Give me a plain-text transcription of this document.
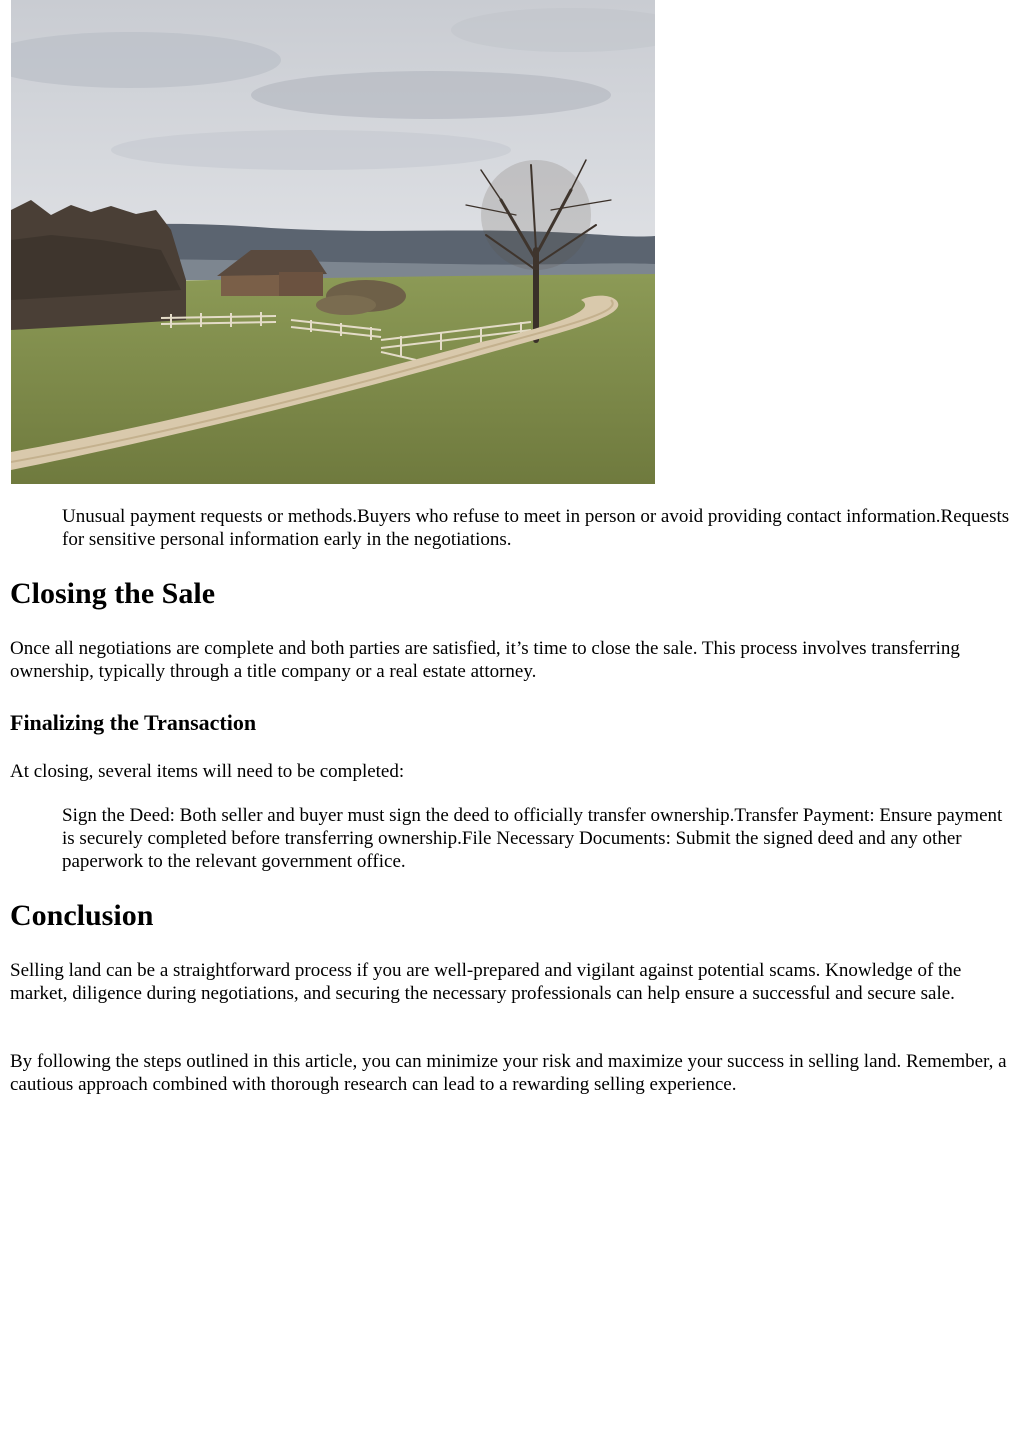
Unusual payment requests or methods.Buyers who refuse to meet in person or avoid providing contact information.Requests for sensitive personal information early in the negotiations.

Closing the Sale

Once all negotiations are complete and both parties are satisfied, it’s time to close the sale. This process involves transferring ownership, typically through a title company or a real estate attorney.

Finalizing the Transaction

At closing, several items will need to be completed:

Sign the Deed: Both seller and buyer must sign the deed to officially transfer ownership.Transfer Payment: Ensure payment is securely completed before transferring ownership.File Necessary Documents: Submit the signed deed and any other paperwork to the relevant government office.

Conclusion

Selling land can be a straightforward process if you are well-prepared and vigilant against potential scams. Knowledge of the market, diligence during negotiations, and securing the necessary professionals can help ensure a successful and secure sale.

By following the steps outlined in this article, you can minimize your risk and maximize your success in selling land. Remember, a cautious approach combined with thorough research can lead to a rewarding selling experience.
